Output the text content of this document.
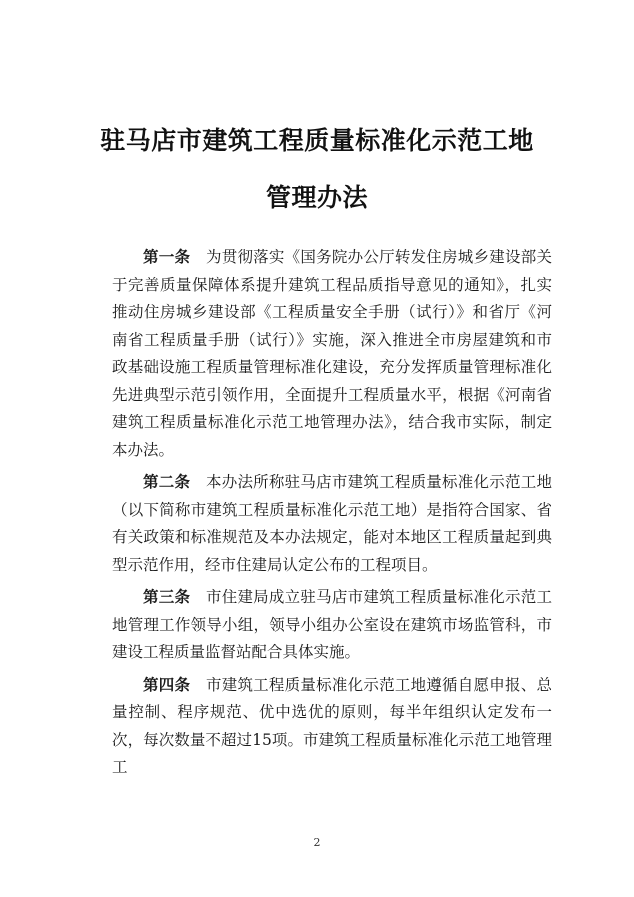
驻马店市建筑工程质量标准化示范工地
管理办法

第一条　 为贯彻落实《国务院办公厅转发住房城乡建设部关于完善质量保障体系提升建筑工程品质指导意见的通知》，扎实推动住房城乡建设部《工程质量安全手册（试行）》和省厅《河南省工程质量手册（试行）》实施，深入推进全市房屋建筑和市政基础设施工程质量管理标准化建设，充分发挥质量管理标准化先进典型示范引领作用，全面提升工程质量水平，根据《河南省建筑工程质量标准化示范工地管理办法》，结合我市实际，制定本办法。

第二条　 本办法所称驻马店市建筑工程质量标准化示范工地（以下简称市建筑工程质量标准化示范工地）是指符合国家、省有关政策和标准规范及本办法规定，能对本地区工程质量起到典型示范作用，经市住建局认定公布的工程项目。

第三条　 市住建局成立驻马店市建筑工程质量标准化示范工地管理工作领导小组，领导小组办公室设在建筑市场监管科，市建设工程质量监督站配合具体实施。

第四条　 市建筑工程质量标准化示范工地遵循自愿申报、总量控制、程序规范、优中选优的原则，每半年组织认定发布一次，每次数量不超过15项。市建筑工程质量标准化示范工地管理工

2
